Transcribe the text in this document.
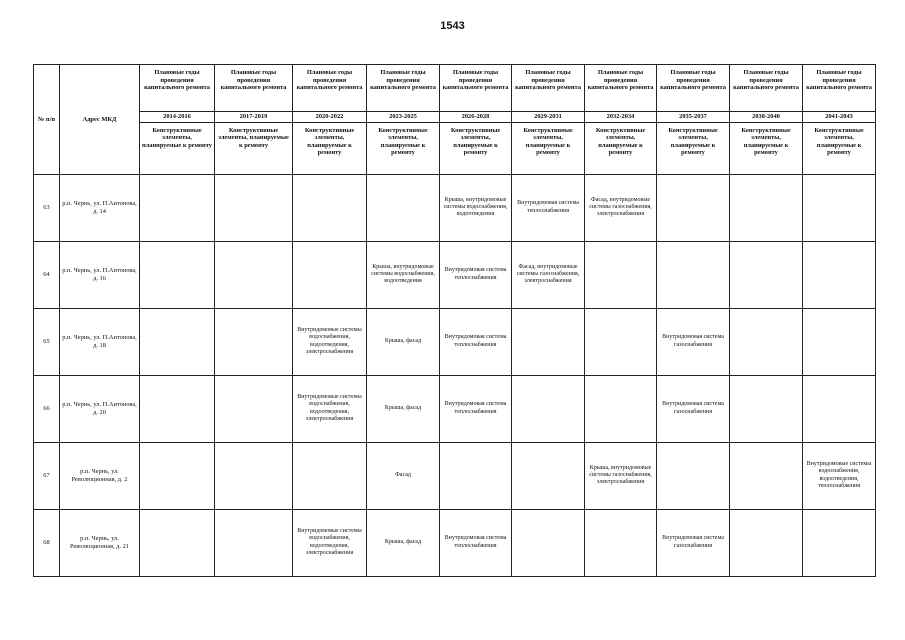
1543
№ п/п	Адрес МКД	Плановые годы проведения капитального ремонта	Плановые годы проведения капитального ремонта	Плановые годы проведения капитального ремонта	Плановые годы проведения капитального ремонта	Плановые годы проведения капитального ремонта	Плановые годы проведения капитального ремонта	Плановые годы проведения капитального ремонта	Плановые годы проведения капитального ремонта	Плановые годы проведения капитального ремонта	Плановые годы проведения капитального ремонта
		2014-2016	2017-2019	2020-2022	2023-2025	2026-2028	2029-2031	2032-2034	2035-2037	2038-2040	2041-2043
		Конструктивные элементы, планируемые к ремонту	Конструктивные элементы, планируемые к ремонту	Конструктивные элементы, планируемые к ремонту	Конструктивные элементы, планируемые к ремонту	Конструктивные элементы, планируемые к ремонту	Конструктивные элементы, планируемые к ремонту	Конструктивные элементы, планируемые к ремонту	Конструктивные элементы, планируемые к ремонту	Конструктивные элементы, планируемые к ремонту	Конструктивные элементы, планируемые к ремонту
63	р.п. Чернь, ул. П.Антонова, д. 14					Крыша, внутридомовые системы водоснабжения, водоотведения	Внутридомовая система теплоснабжения	Фасад, внутридомовые системы газоснабжения, электроснабжения			
64	р.п. Чернь, ул. П.Антонова, д. 16				Крыша, внутридомовые системы водоснабжения, водоотведения	Внутридомовая система теплоснабжения	Фасад, внутридомовые системы газоснабжения, электроснабжения				
65	р.п. Чернь, ул. П.Антонова, д. 18			Внутридомовые системы водоснабжения, водоотведения, электроснабжения	Крыша, фасад	Внутридомовая система теплоснабжения			Внутридомовая система газоснабжения		
66	р.п. Чернь, ул. П.Антонова, д. 20			Внутридомовые системы водоснабжения, водоотведения, электроснабжения	Крыша, фасад	Внутридомовая система теплоснабжения			Внутридомовая система газоснабжения		
67	р.п. Чернь, ул. Революционная, д. 2				Фасад			Крыша, внутридомовые системы газоснабжения, электроснабжения			Внутридомовые системы водоснабжения, водоотведения, теплоснабжения
68	р.п. Чернь, ул. Революционная, д. 21			Внутридомовые системы водоснабжения, водоотведения, электроснабжения	Крыша, фасад	Внутридомовая система теплоснабжения			Внутридомовая система газоснабжения		
